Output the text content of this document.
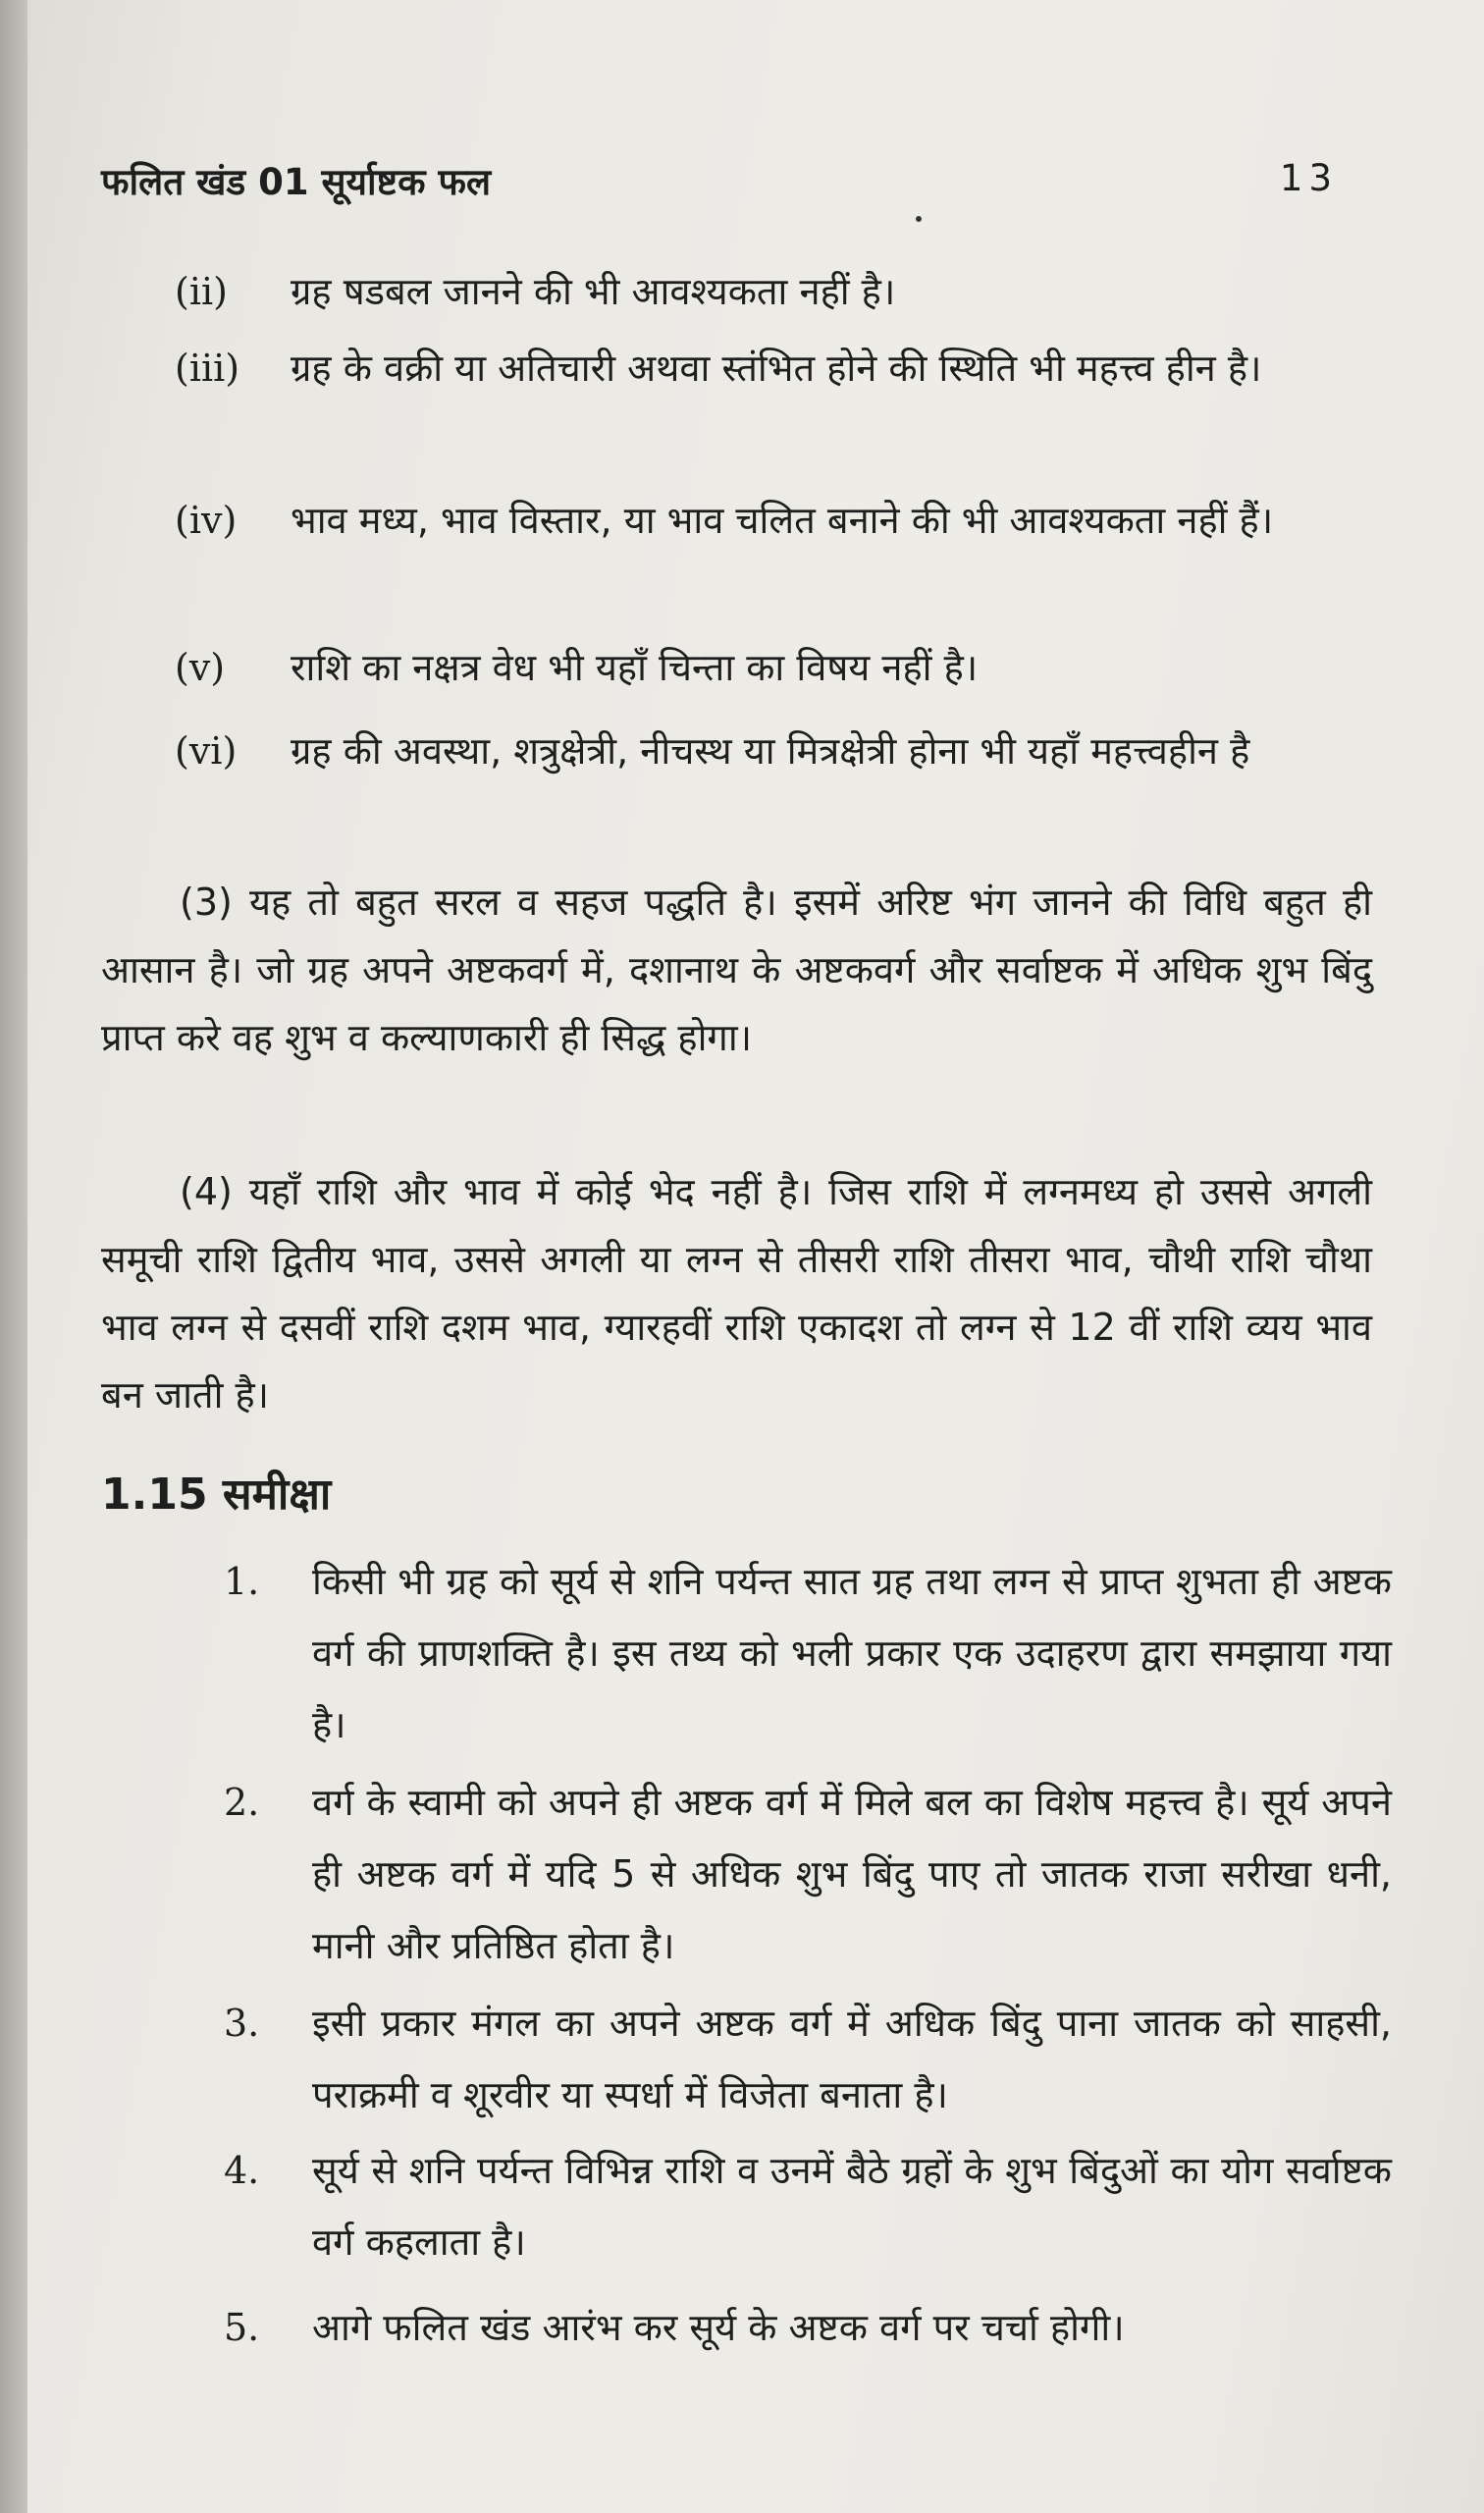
फलित खंड 01 सूर्याष्टक फल	13
(ii) ग्रह षडबल जानने की भी आवश्यकता नहीं है।
(iii) ग्रह के वक्री या अतिचारी अथवा स्तंभित होने की स्थिति भी महत्त्व हीन है।
(iv) भाव मध्य, भाव विस्तार, या भाव चलित बनाने की भी आवश्यकता नहीं हैं।
(v) राशि का नक्षत्र वेध भी यहाँ चिन्ता का विषय नहीं है।
(vi) ग्रह की अवस्था, शत्रुक्षेत्री, नीचस्थ या मित्रक्षेत्री होना भी यहाँ महत्त्वहीन है
(3) यह तो बहुत सरल व सहज पद्धति है। इसमें अरिष्ट भंग जानने की विधि बहुत ही आसान है। जो ग्रह अपने अष्टकवर्ग में, दशानाथ के अष्टकवर्ग और सर्वाष्टक में अधिक शुभ बिंदु प्राप्त करे वह शुभ व कल्याणकारी ही सिद्ध होगा।
(4) यहाँ राशि और भाव में कोई भेद नहीं है। जिस राशि में लग्नमध्य हो उससे अगली समूची राशि द्वितीय भाव, उससे अगली या लग्न से तीसरी राशि तीसरा भाव, चौथी राशि चौथा भाव लग्न से दसवीं राशि दशम भाव, ग्यारहवीं राशि एकादश तो लग्न से 12 वीं राशि व्यय भाव बन जाती है।
1.15 समीक्षा
1. किसी भी ग्रह को सूर्य से शनि पर्यन्त सात ग्रह तथा लग्न से प्राप्त शुभता ही अष्टक वर्ग की प्राणशक्ति है। इस तथ्य को भली प्रकार एक उदाहरण द्वारा समझाया गया है।
2. वर्ग के स्वामी को अपने ही अष्टक वर्ग में मिले बल का विशेष महत्त्व है। सूर्य अपने ही अष्टक वर्ग में यदि 5 से अधिक शुभ बिंदु पाए तो जातक राजा सरीखा धनी, मानी और प्रतिष्ठित होता है।
3. इसी प्रकार मंगल का अपने अष्टक वर्ग में अधिक बिंदु पाना जातक को साहसी, पराक्रमी व शूरवीर या स्पर्धा में विजेता बनाता है।
4. सूर्य से शनि पर्यन्त विभिन्न राशि व उनमें बैठे ग्रहों के शुभ बिंदुओं का योग सर्वाष्टक वर्ग कहलाता है।
5. आगे फलित खंड आरंभ कर सूर्य के अष्टक वर्ग पर चर्चा होगी।
